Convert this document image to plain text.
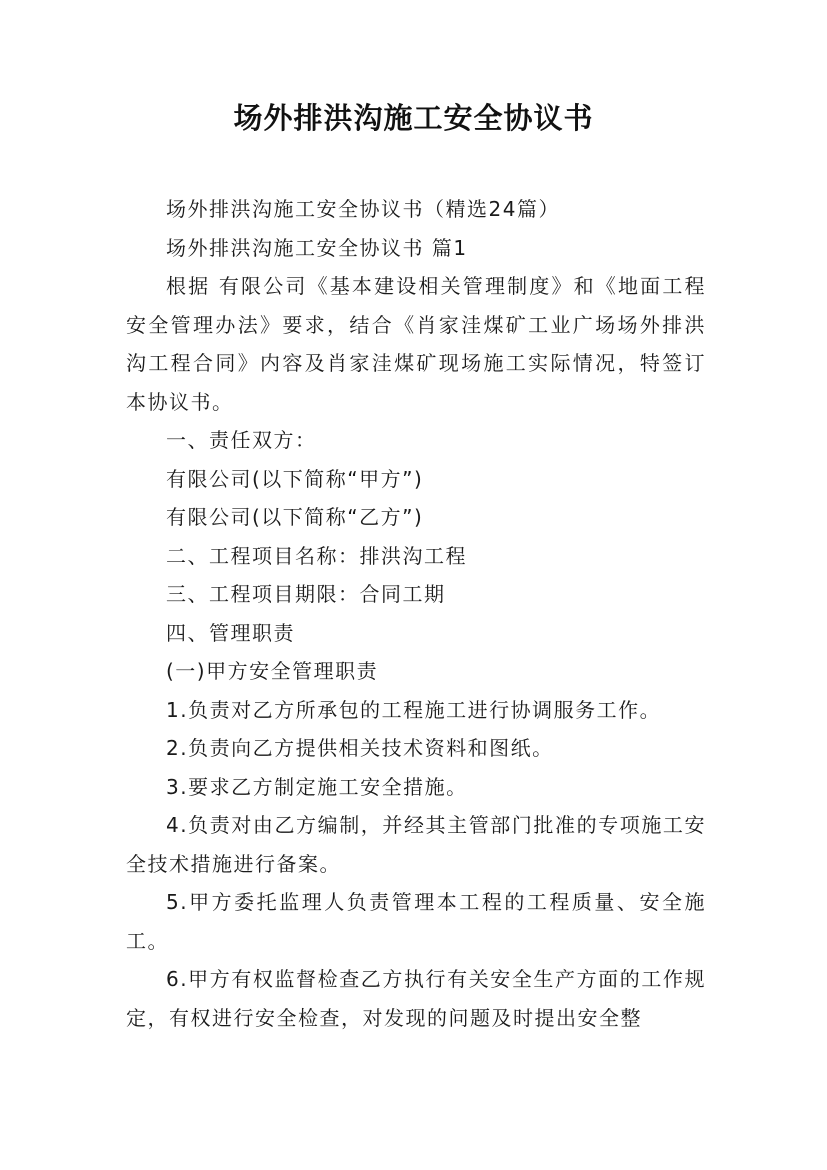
场外排洪沟施工安全协议书

场外排洪沟施工安全协议书（精选24篇）

场外排洪沟施工安全协议书 篇1

根据 有限公司《基本建设相关管理制度》和《地面工程安全管理办法》要求，结合《肖家洼煤矿工业广场场外排洪沟工程合同》内容及肖家洼煤矿现场施工实际情况，特签订本协议书。

一、责任双方：

有限公司(以下简称“甲方”)

有限公司(以下简称“乙方”)

二、工程项目名称：排洪沟工程

三、工程项目期限：合同工期

四、管理职责

(一)甲方安全管理职责

1.负责对乙方所承包的工程施工进行协调服务工作。

2.负责向乙方提供相关技术资料和图纸。

3.要求乙方制定施工安全措施。

4.负责对由乙方编制，并经其主管部门批准的专项施工安全技术措施进行备案。

5.甲方委托监理人负责管理本工程的工程质量、安全施工。

6.甲方有权监督检查乙方执行有关安全生产方面的工作规定，有权进行安全检查，对发现的问题及时提出安全整
